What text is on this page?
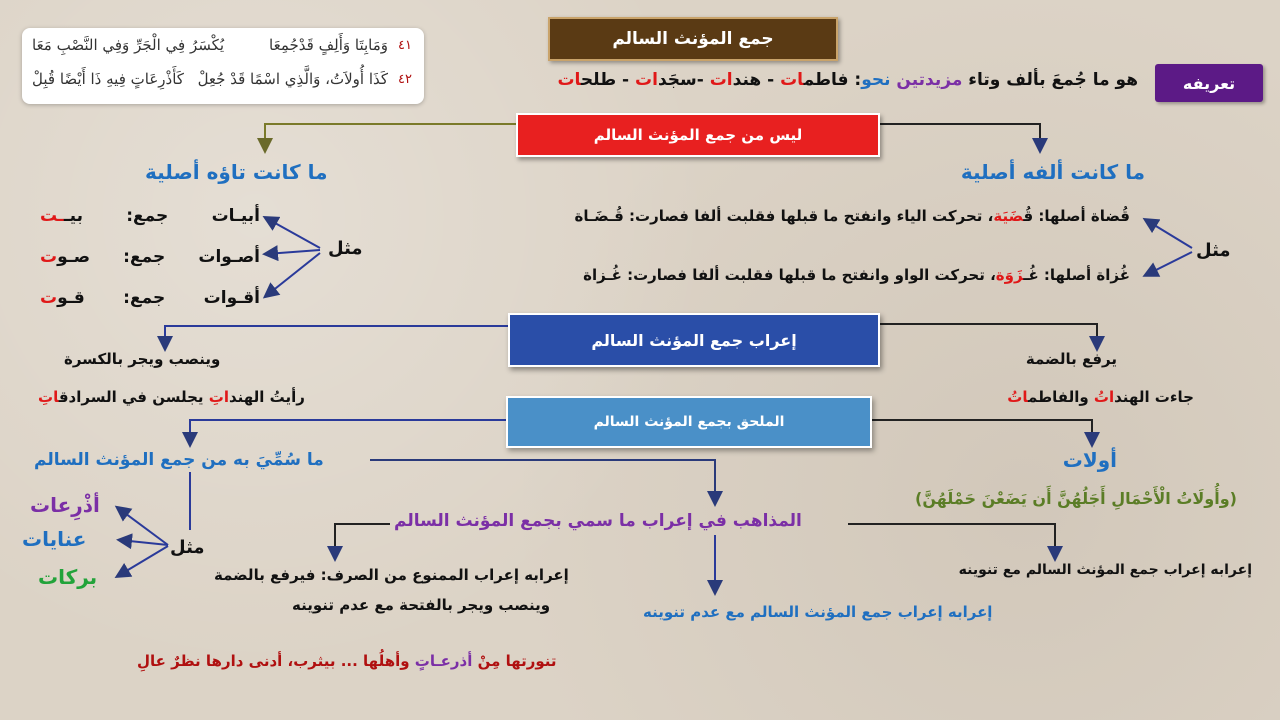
٤١
وَمَابِتَا وَأَلِفٍ قَدْجُمِعَا
يُكْسَرُ فِي الْجَرِّ وَفِي النَّصْبِ مَعَا
٤٢
كَذَا أُولاَتُ، وَالَّذِي اسْمًا قَدْ جُعِلْ
كَأَذْرِعَاتٍ فِيهِ ذَا أَيْضًا قُبِلْ
جمع المؤنث السالم
تعريفه
هو ما جُمعَ بألف وتاء مزيدتين نحو: فاطمات - هندات -سجَدات - طلحات
ليس من جمع المؤنث السالم
ما كانت ألفه أصلية
ما كانت تاؤه أصلية
مثل
مثل
قُضاة أصلها: قُضَيَة، تحركت الياء وانفتح ما قبلها فقلبت ألفا فصارت: قُـضَـاة
غُزاة أصلها: غُـزَوَة، تحركت الواو وانفتح ما قبلها فقلبت ألفا فصارت: غُـزاة
أبيـات
جمع:
بيــت
أصـوات
جمع:
صـوت
أقـوات
جمع:
قـوت
إعراب جمع المؤنث السالم
يرفع بالضمة
جاءت الهنداتُ والفاطماتُ
وينصب ويجر بالكسرة
رأيتُ الهنداتِ يجلسن في السرادقاتِ
الملحق بجمع المؤنث السالم
أولات
(وأُولَاتُ الْأَحْمَالِ أَجَلُهُنَّ أَن يَضَعْنَ حَمْلَهُنَّ)
ما سُمِّيَ به من جمع المؤنث السالم
مثل
أذْرِعات
عنايات
بركات
المذاهب في إعراب ما سمي بجمع المؤنث السالم
إعرابه إعراب جمع المؤنث السالم مع تنوينه
إعرابه إعراب جمع المؤنث السالم مع عدم تنوينه
إعرابه إعراب الممنوع من الصرف: فيرفع بالضمة
وينصب ويجر بالفتحة مع عدم تنوينه
تنورتها مِنْ أذرعـاتٍ وأهلُها ... بيثرب، أدنى دارها نظرٌ عالِ
